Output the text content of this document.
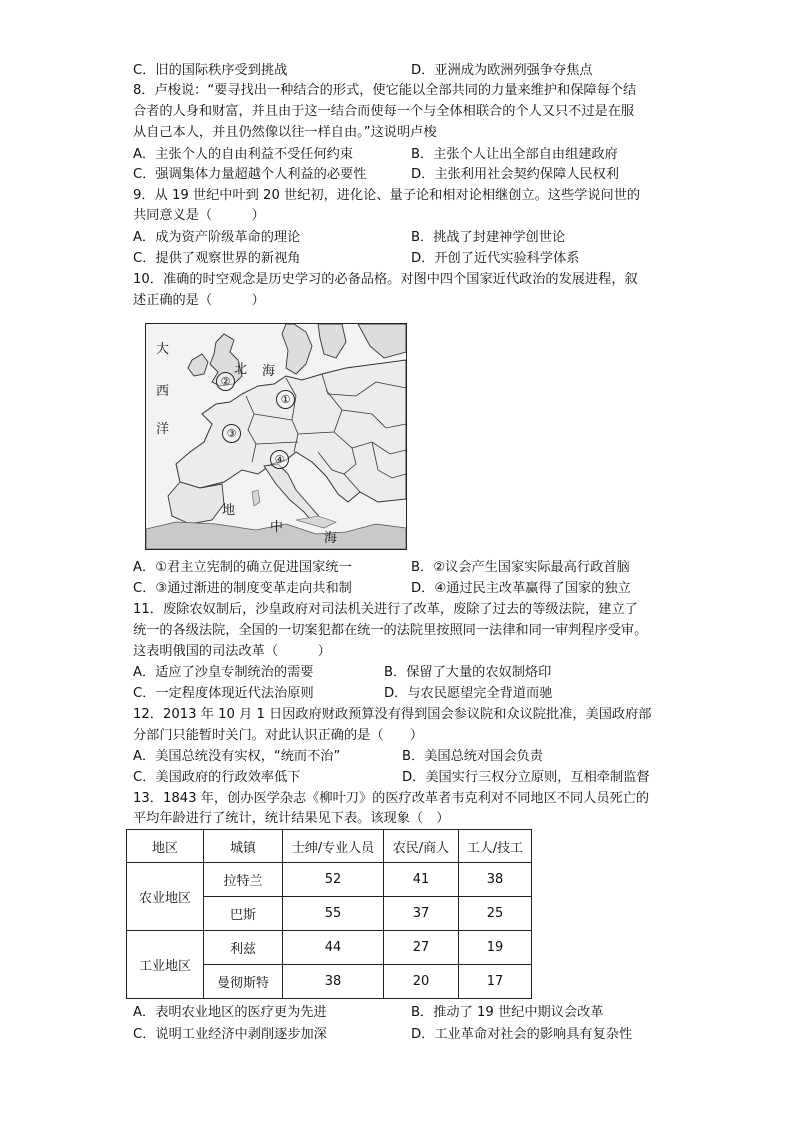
C．旧的国际秩序受到挑战	D．亚洲成为欧洲列强争夺焦点
8．卢梭说：“要寻找出一种结合的形式，使它能以全部共同的力量来维护和保障每个结
合者的人身和财富，并且由于这一结合而使每一个与全体相联合的个人又只不过是在服
从自己本人，并且仍然像以往一样自由。”这说明卢梭
A．主张个人的自由利益不受任何约束	B．主张个人让出全部自由组建政府
C．强调集体力量超越个人利益的必要性	D．主张利用社会契约保障人民权利
9．从 19 世纪中叶到 20 世纪初，进化论、量子论和相对论相继创立。这些学说问世的
共同意义是（　　　）
A．成为资产阶级革命的理论	B．挑战了封建神学创世论
C．提供了观察世界的新视角	D．开创了近代实验科学体系
10．准确的时空观念是历史学习的必备品格。对图中四个国家近代政治的发展进程，叙
述正确的是（　　　）
大
西
洋
北 海
地
中
海
①
②
③
④
A．①君主立宪制的确立促进国家统一	B．②议会产生国家实际最高行政首脑
C．③通过渐进的制度变革走向共和制	D．④通过民主改革赢得了国家的独立
11．废除农奴制后，沙皇政府对司法机关进行了改革，废除了过去的等级法院，建立了
统一的各级法院，全国的一切案犯都在统一的法院里按照同一法律和同一审判程序受审。
这表明俄国的司法改革（　　　）
A．适应了沙皇专制统治的需要	B．保留了大量的农奴制烙印
C．一定程度体现近代法治原则	D．与农民愿望完全背道而驰
12．2013 年 10 月 1 日因政府财政预算没有得到国会参议院和众议院批准，美国政府部
分部门只能暂时关门。对此认识正确的是（　　）
A．美国总统没有实权，“统而不治”	B．美国总统对国会负责
C．美国政府的行政效率低下	D．美国实行三权分立原则，互相牵制监督
13．1843 年，创办医学杂志《柳叶刀》的医疗改革者韦克利对不同地区不同人员死亡的
平均年龄进行了统计，统计结果见下表。该现象（　）
地区	城镇	士绅/专业人员	农民/商人	工人/技工
农业地区	拉特兰	52	41	38
	巴斯	55	37	25
工业地区	利兹	44	27	19
	曼彻斯特	38	20	17
A．表明农业地区的医疗更为先进	B．推动了 19 世纪中期议会改革
C．说明工业经济中剥削逐步加深	D．工业革命对社会的影响具有复杂性
